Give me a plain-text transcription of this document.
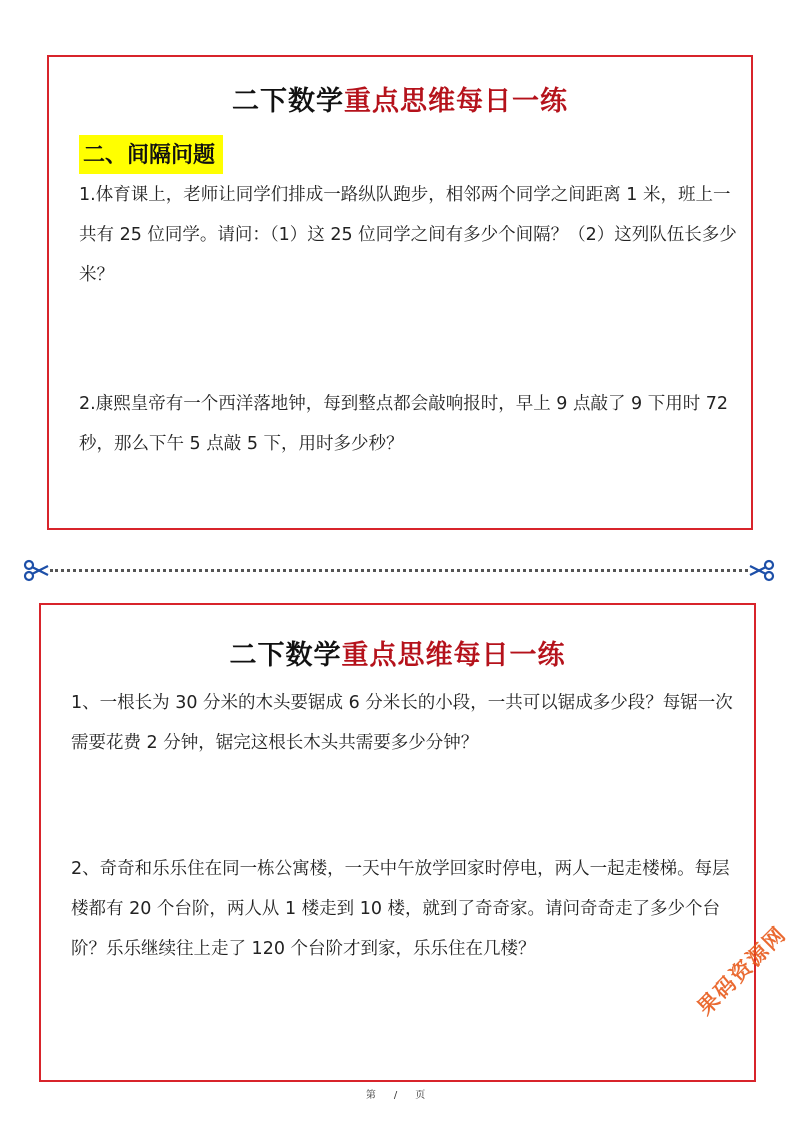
二下数学重点思维每日一练
二、间隔问题

1.体育课上，老师让同学们排成一路纵队跑步，相邻两个同学之间距离 1 米，班上一共有 25 位同学。请问：（1）这 25 位同学之间有多少个间隔？（2）这列队伍长多少米？

2.康熙皇帝有一个西洋落地钟，每到整点都会敲响报时，早上 9 点敲了 9 下用时 72 秒，那么下午 5 点敲 5 下，用时多少秒？

二下数学重点思维每日一练

1、一根长为 30 分米的木头要锯成 6 分米长的小段，一共可以锯成多少段？每锯一次需要花费 2 分钟，锯完这根长木头共需要多少分钟？

2、奇奇和乐乐住在同一栋公寓楼，一天中午放学回家时停电，两人一起走楼梯。每层楼都有 20 个台阶，两人从 1 楼走到 10 楼，就到了奇奇家。请问奇奇走了多少个台阶？乐乐继续往上走了 120 个台阶才到家，乐乐住在几楼？

第 / 页
果码资源网
